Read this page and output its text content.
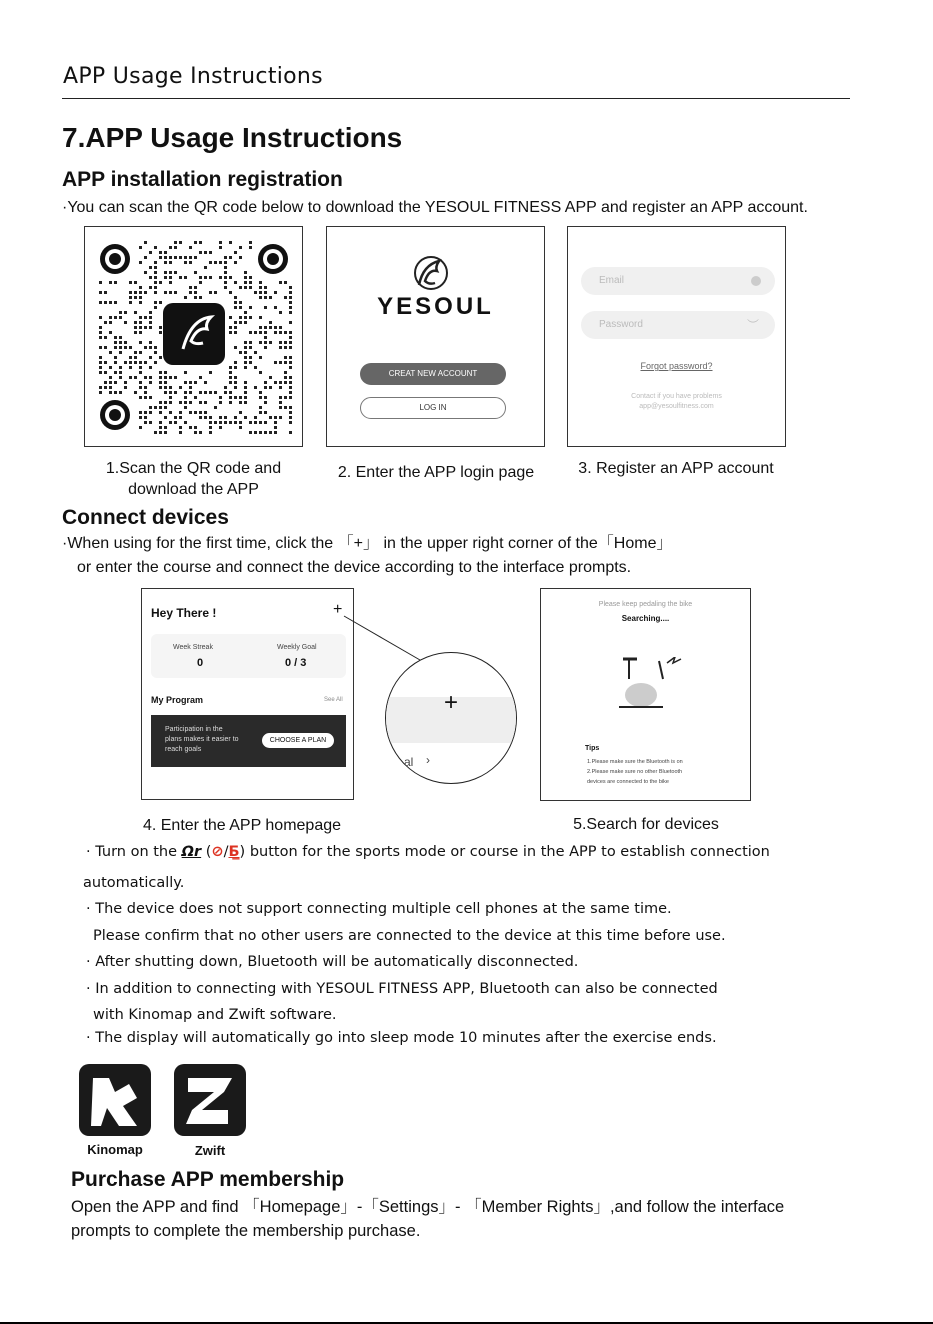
APP Usage Instructions
7.APP Usage Instructions
APP installation registration
·You can scan the QR code below to download the YESOUL FITNESS APP and register an APP account.
YESOUL
CREAT NEW ACCOUNT
LOG IN
Email
Password	︶
Forgot password?
Contact if you have problems
app@yesoulfitness.com
1.Scan the QR code and
download the APP
2. Enter the APP login page	3. Register an APP account
Connect devices
·When using for the first time, click the 「+」 in the upper right corner of the「Home」
or enter the course and connect the device according to the interface prompts.
Hey There !	+
Week Streak
0
Weekly Goal
0 / 3
My Program	See All
Participation in the
plans makes it easier to
reach goals
CHOOSE A PLAN
+
al ›
Please keep pedaling the bike
Searching....
Tips
1.Please make sure the Bluetooth is on
2.Please make sure no other Bluetooth
devices are connected to the bike
4. Enter the APP homepage	5.Search for devices
· Turn on the Ωr (⊘/Б̲) button for the sports mode or course in the APP to establish connection
automatically.
· The device does not support connecting multiple cell phones at the same time.
Please confirm that no other users are connected to the device at this time before use.
· After shutting down, Bluetooth will be automatically disconnected.
· In addition to connecting with YESOUL FITNESS APP, Bluetooth can also be connected
with Kinomap and Zwift software.
· The display will automatically go into sleep mode 10 minutes after the exercise ends.
Kinomap	Zwift
Purchase APP membership
Open the APP and find 「Homepage」-「Settings」- 「Member Rights」,and follow the interface
prompts to complete the membership purchase.
